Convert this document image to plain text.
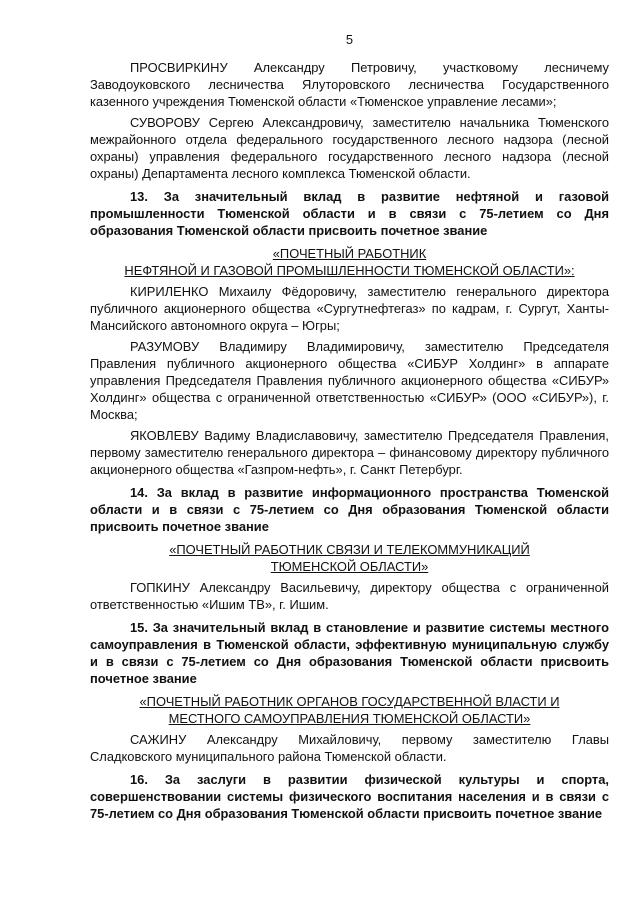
5

ПРОСВИРКИНУ Александру Петровичу, участковому лесничему Заводоуковского лесничества Ялуторовского лесничества Государственного казенного учреждения Тюменской области «Тюменское управление лесами»;

СУВОРОВУ Сергею Александровичу, заместителю начальника Тюменского межрайонного отдела федерального государственного лесного надзора (лесной охраны) управления федерального государственного лесного надзора (лесной охраны) Департамента лесного комплекса Тюменской области.

13. За значительный вклад в развитие нефтяной и газовой промышленности Тюменской области и в связи с 75-летием со Дня образования Тюменской области присвоить почетное звание

«ПОЧЕТНЫЙ РАБОТНИК
НЕФТЯНОЙ И ГАЗОВОЙ ПРОМЫШЛЕННОСТИ ТЮМЕНСКОЙ ОБЛАСТИ»:

КИРИЛЕНКО Михаилу Фёдоровичу, заместителю генерального директора публичного акционерного общества «Сургутнефтегаз» по кадрам, г. Сургут, Ханты-Мансийского автономного округа – Югры;

РАЗУМОВУ Владимиру Владимировичу, заместителю Председателя Правления публичного акционерного общества «СИБУР Холдинг» в аппарате управления Председателя Правления публичного акционерного общества «СИБУР» Холдинг» общества с ограниченной ответственностью «СИБУР» (ООО «СИБУР»), г. Москва;

ЯКОВЛЕВУ Вадиму Владиславовичу, заместителю Председателя Правления, первому заместителю генерального директора – финансовому директору публичного акционерного общества «Газпром-нефть», г. Санкт Петербург.

14. За вклад в развитие информационного пространства Тюменской области и в связи с 75-летием со Дня образования Тюменской области присвоить почетное звание

«ПОЧЕТНЫЙ РАБОТНИК СВЯЗИ И ТЕЛЕКОММУНИКАЦИЙ
ТЮМЕНСКОЙ ОБЛАСТИ»

ГОПКИНУ Александру Васильевичу, директору общества с ограниченной ответственностью «Ишим ТВ», г. Ишим.

15. За значительный вклад в становление и развитие системы местного самоуправления в Тюменской области, эффективную муниципальную службу и в связи с 75-летием со Дня образования Тюменской области присвоить почетное звание

«ПОЧЕТНЫЙ РАБОТНИК ОРГАНОВ ГОСУДАРСТВЕННОЙ ВЛАСТИ И
МЕСТНОГО САМОУПРАВЛЕНИЯ ТЮМЕНСКОЙ ОБЛАСТИ»

САЖИНУ Александру Михайловичу, первому заместителю Главы Сладковского муниципального района Тюменской области.

16. За заслуги в развитии физической культуры и спорта, совершенствовании системы физического воспитания населения и в связи с 75-летием со Дня образования Тюменской области присвоить почетное звание
